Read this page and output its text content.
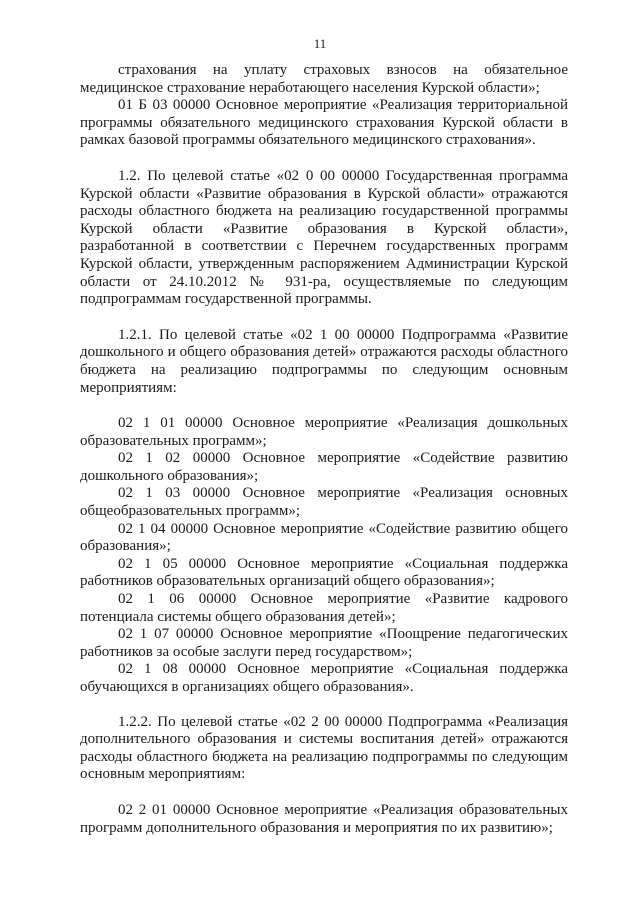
11

страхования на уплату страховых взносов на обязательное медицинское страхование неработающего населения Курской области»;

01 Б 03 00000 Основное мероприятие «Реализация территориальной программы обязательного медицинского страхования Курской области в рамках базовой программы обязательного медицинского страхования».

1.2. По целевой статье «02 0 00 00000 Государственная программа Курской области «Развитие образования в Курской области» отражаются расходы областного бюджета на реализацию государственной программы Курской области «Развитие образования в Курской области», разработанной в соответствии с Перечнем государственных программ Курской области, утвержденным распоряжением Администрации Курской области от 24.10.2012 № 931-ра, осуществляемые по следующим подпрограммам государственной программы.

1.2.1. По целевой статье «02 1 00 00000 Подпрограмма «Развитие дошкольного и общего образования детей» отражаются расходы областного бюджета на реализацию подпрограммы по следующим основным мероприятиям:

02 1 01 00000 Основное мероприятие «Реализация дошкольных образовательных программ»;

02 1 02 00000 Основное мероприятие «Содействие развитию дошкольного образования»;

02 1 03 00000 Основное мероприятие «Реализация основных общеобразовательных программ»;

02 1 04 00000 Основное мероприятие «Содействие развитию общего образования»;

02 1 05 00000 Основное мероприятие «Социальная поддержка работников образовательных организаций общего образования»;

02 1 06 00000 Основное мероприятие «Развитие кадрового потенциала системы общего образования детей»;

02 1 07 00000 Основное мероприятие «Поощрение педагогических работников за особые заслуги перед государством»;

02 1 08 00000 Основное мероприятие «Социальная поддержка обучающихся в организациях общего образования».

1.2.2. По целевой статье «02 2 00 00000 Подпрограмма «Реализация дополнительного образования и системы воспитания детей» отражаются расходы областного бюджета на реализацию подпрограммы по следующим основным мероприятиям:

02 2 01 00000 Основное мероприятие «Реализация образовательных программ дополнительного образования и мероприятия по их развитию»;
